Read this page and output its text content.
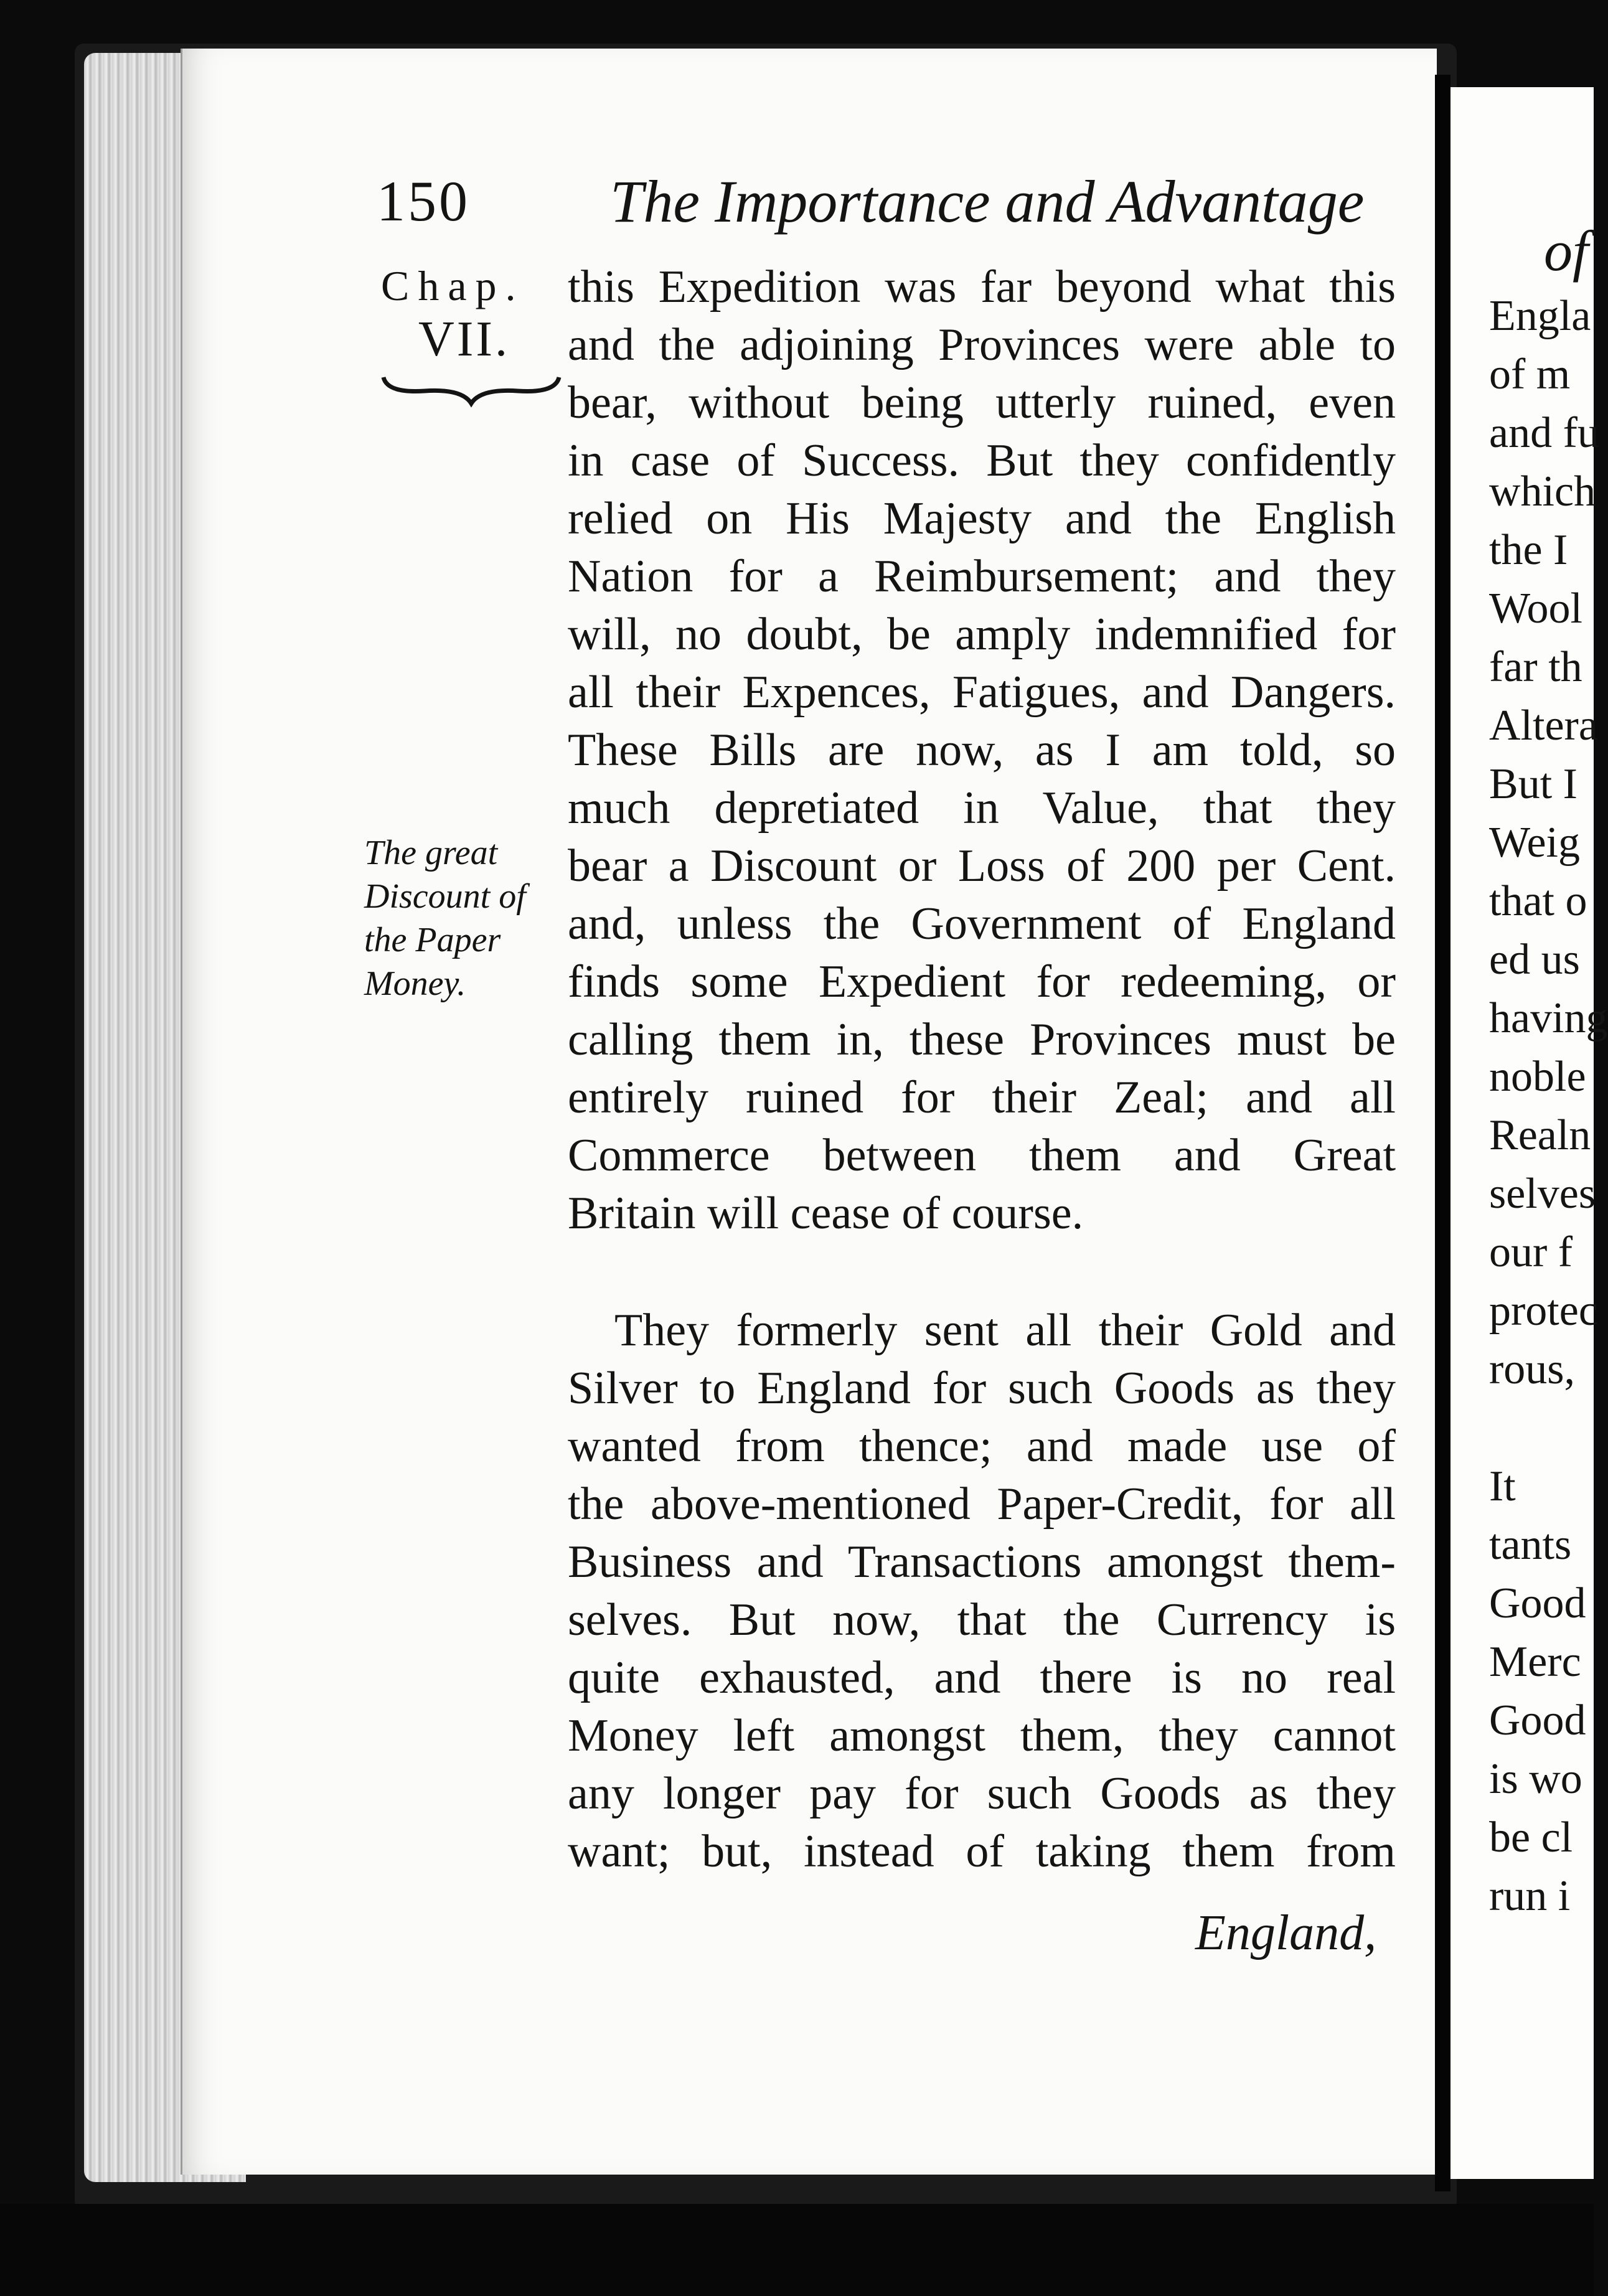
150 The Importance and Advantage
Chap.
VII.
The great
Discount of
the Paper
Money.
this Expedition was far beyond what this
and the adjoining Provinces were able to
bear, without being utterly ruined, even
in case of Success. But they confidently
relied on His Majesty and the English
Nation for a Reimbursement; and they
will, no doubt, be amply indemnified for
all their Expences, Fatigues, and Dangers.
These Bills are now, as I am told, so
much depretiated in Value, that they
bear a Discount or Loss of 200 per Cent.
and, unless the Government of England
finds some Expedient for redeeming, or
calling them in, these Provinces must be
entirely ruined for their Zeal; and all
Commerce between them and Great
Britain will cease of course.
They formerly sent all their Gold and
Silver to England for such Goods as they
wanted from thence; and made use of
the above-mentioned Paper-Credit, for all
Business and Transactions amongst them-
selves. But now, that the Currency is
quite exhausted, and there is no real
Money left amongst them, they cannot
any longer pay for such Goods as they
want; but, instead of taking them from
England,
of
Engla
of m
and fu
which
the I
Wool
far th
Altera
But I
Weig
that o
ed us
having
noble
Realn
selves
our f
protec
rous,
It
tants
Good
Merc
Good
is wo
be cl
run i
